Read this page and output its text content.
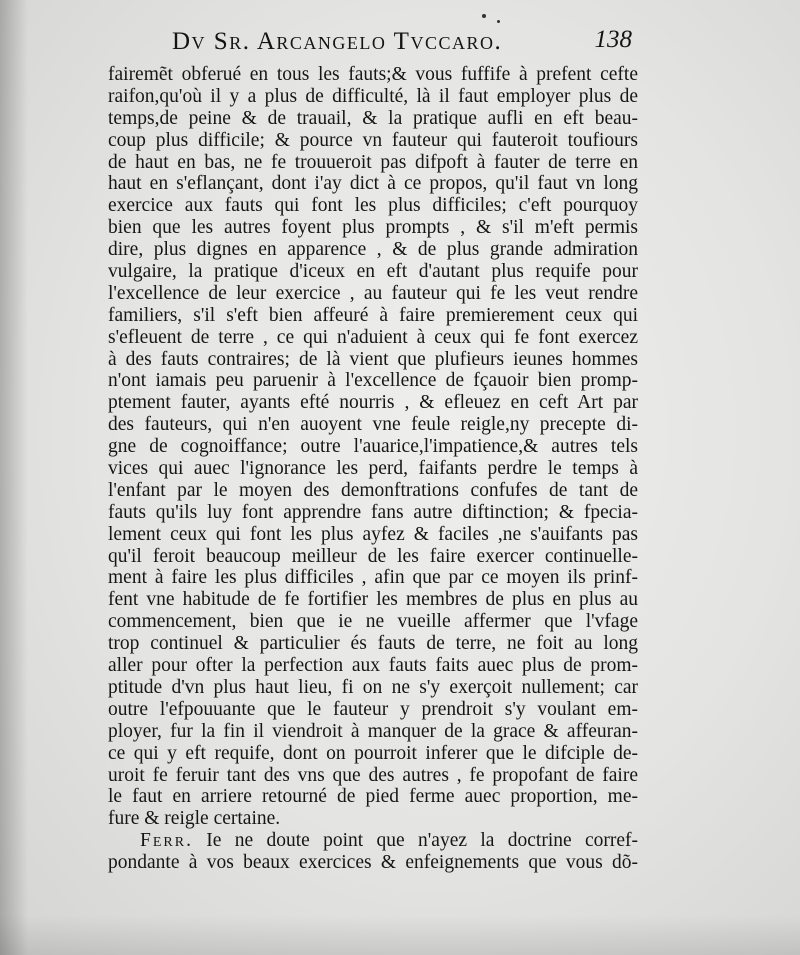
Dv Sr. Arcangelo Tvccaro.	138
fairemẽt obferué en tous les fauts;& vous fuffife à prefent cefte
raifon,qu'où il y a plus de difficulté, là il faut employer plus de
temps,de peine & de trauail, & la pratique aufli en eft beau-
coup plus difficile; & pource vn fauteur qui fauteroit toufiours
de haut en bas, ne fe trouueroit pas difpoft à fauter de terre en
haut en s'eflançant, dont i'ay dict à ce propos, qu'il faut vn long
exercice aux fauts qui font les plus difficiles; c'eft pourquoy
bien que les autres foyent plus prompts , & s'il m'eft permis
dire, plus dignes en apparence , & de plus grande admiration
vulgaire, la pratique d'iceux en eft d'autant plus requife pour
l'excellence de leur exercice , au fauteur qui fe les veut rendre
familiers, s'il s'eft bien affeuré à faire premierement ceux qui
s'efleuent de terre , ce qui n'aduient à ceux qui fe font exercez
à des fauts contraires; de là vient que plufieurs ieunes hommes
n'ont iamais peu paruenir à l'excellence de fçauoir bien promp-
ptement fauter, ayants efté nourris , & efleuez en ceft Art par
des fauteurs, qui n'en auoyent vne feule reigle,ny precepte di-
gne de cognoiffance; outre l'auarice,l'impatience,& autres tels
vices qui auec l'ignorance les perd, faifants perdre le temps à
l'enfant par le moyen des demonftrations confufes de tant de
fauts qu'ils luy font apprendre fans autre diftinction; & fpecia-
lement ceux qui font les plus ayfez & faciles ,ne s'auifants pas
qu'il feroit beaucoup meilleur de les faire exercer continuelle-
ment à faire les plus difficiles , afin que par ce moyen ils prinf-
fent vne habitude de fe fortifier les membres de plus en plus au
commencement, bien que ie ne vueille affermer que l'vfage
trop continuel & particulier és fauts de terre, ne foit au long
aller pour ofter la perfection aux fauts faits auec plus de prom-
ptitude d'vn plus haut lieu, fi on ne s'y exerçoit nullement; car
outre l'efpouuante que le fauteur y prendroit s'y voulant em-
ployer, fur la fin il viendroit à manquer de la grace & affeuran-
ce qui y eft requife, dont on pourroit inferer que le difciple de-
uroit fe feruir tant des vns que des autres , fe propofant de faire
le faut en arriere retourné de pied ferme auec proportion, me-
fure & reigle certaine.
Ferr. Ie ne doute point que n'ayez la doctrine corref-
pondante à vos beaux exercices & enfeignements que vous dõ-
